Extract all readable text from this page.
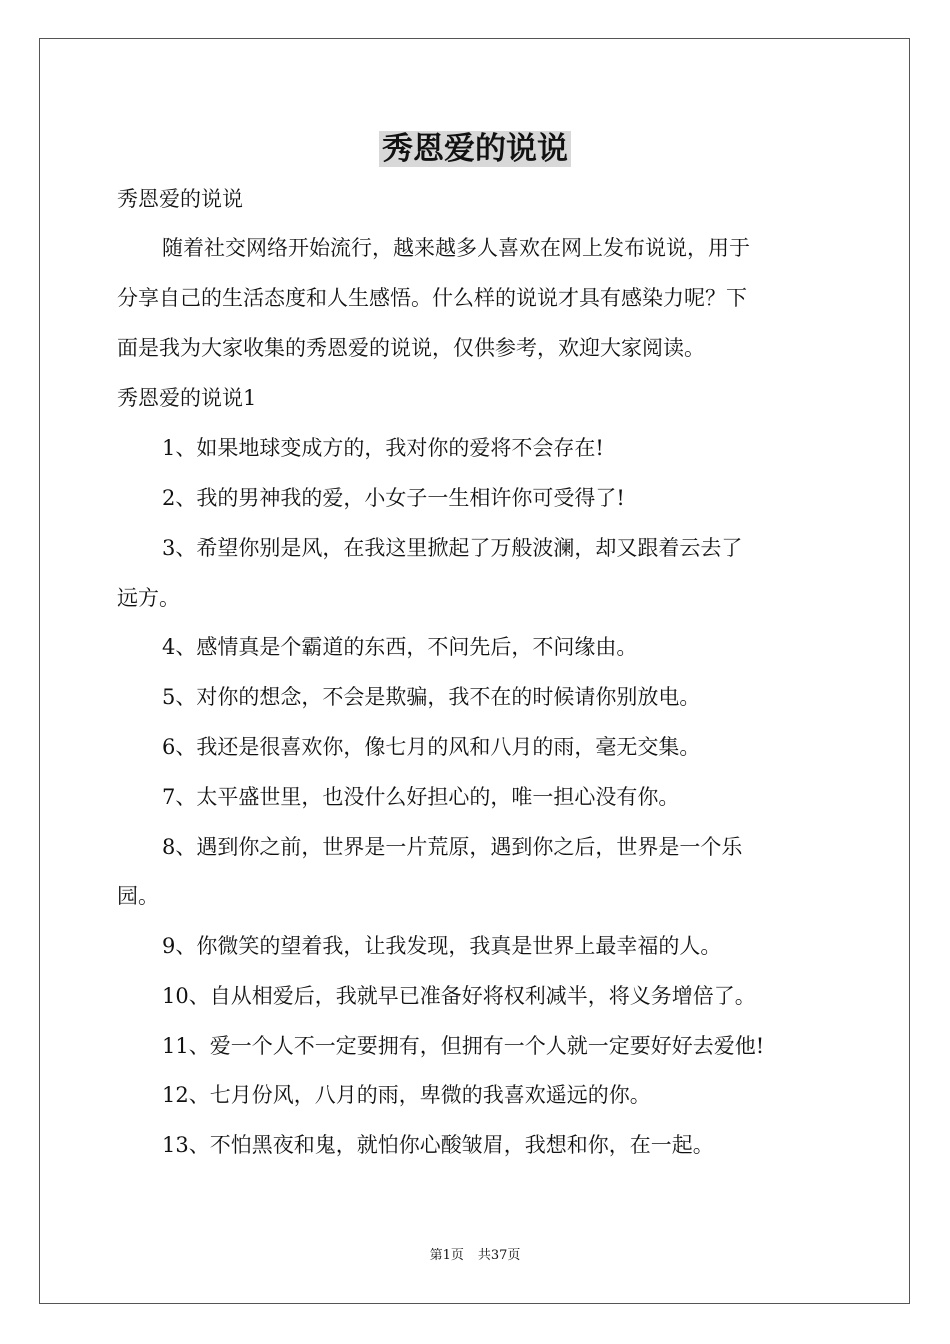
秀恩爱的说说

秀恩爱的说说

随着社交网络开始流行，越来越多人喜欢在网上发布说说，用于

分享自己的生活态度和人生感悟。什么样的说说才具有感染力呢？下

面是我为大家收集的秀恩爱的说说，仅供参考，欢迎大家阅读。

秀恩爱的说说1

1、如果地球变成方的，我对你的爱将不会存在!

2、我的男神我的爱，小女子一生相许你可受得了!

3、希望你别是风，在我这里掀起了万般波澜，却又跟着云去了

远方。

4、感情真是个霸道的东西，不问先后，不问缘由。

5、对你的想念，不会是欺骗，我不在的时候请你别放电。

6、我还是很喜欢你，像七月的风和八月的雨，毫无交集。

7、太平盛世里，也没什么好担心的，唯一担心没有你。

8、遇到你之前，世界是一片荒原，遇到你之后，世界是一个乐

园。

9、你微笑的望着我，让我发现，我真是世界上最幸福的人。

10、自从相爱后，我就早已准备好将权利减半，将义务增倍了。

11、爱一个人不一定要拥有，但拥有一个人就一定要好好去爱他!

12、七月份风，八月的雨，卑微的我喜欢遥远的你。

13、不怕黑夜和鬼，就怕你心酸皱眉，我想和你，在一起。

第1页 共37页
